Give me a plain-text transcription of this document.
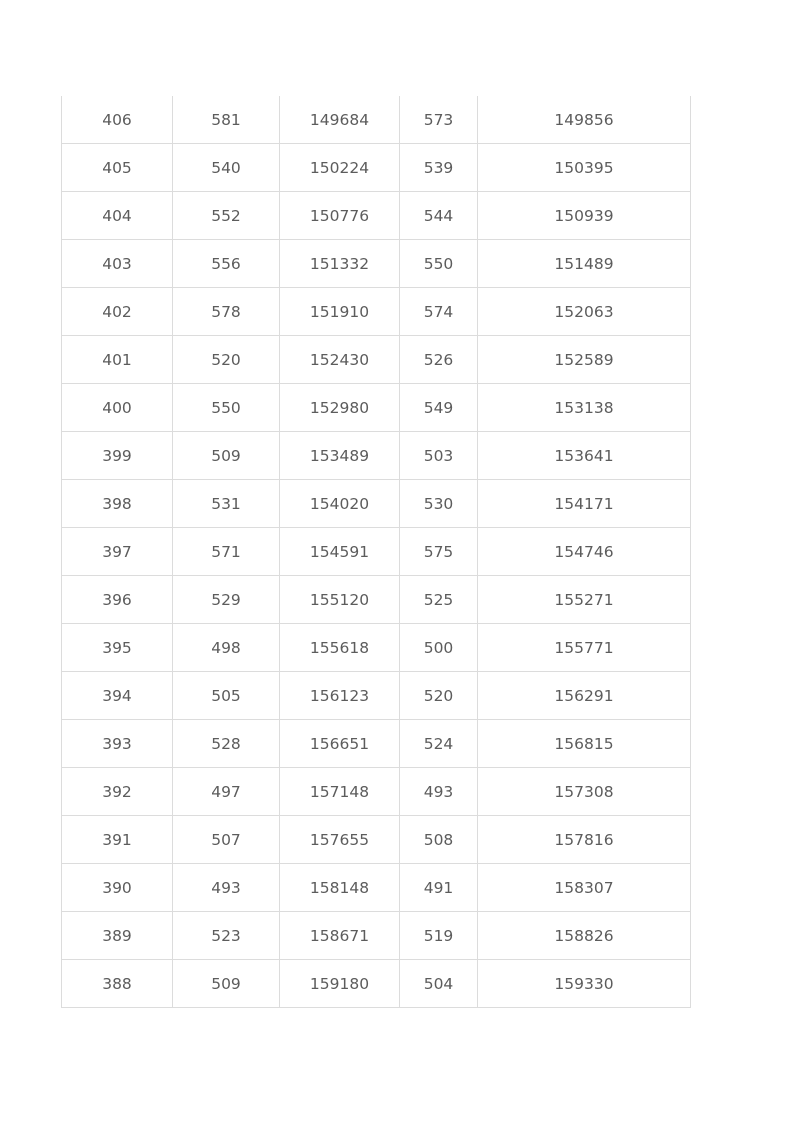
406	581	149684	573	149856
405	540	150224	539	150395
404	552	150776	544	150939
403	556	151332	550	151489
402	578	151910	574	152063
401	520	152430	526	152589
400	550	152980	549	153138
399	509	153489	503	153641
398	531	154020	530	154171
397	571	154591	575	154746
396	529	155120	525	155271
395	498	155618	500	155771
394	505	156123	520	156291
393	528	156651	524	156815
392	497	157148	493	157308
391	507	157655	508	157816
390	493	158148	491	158307
389	523	158671	519	158826
388	509	159180	504	159330
